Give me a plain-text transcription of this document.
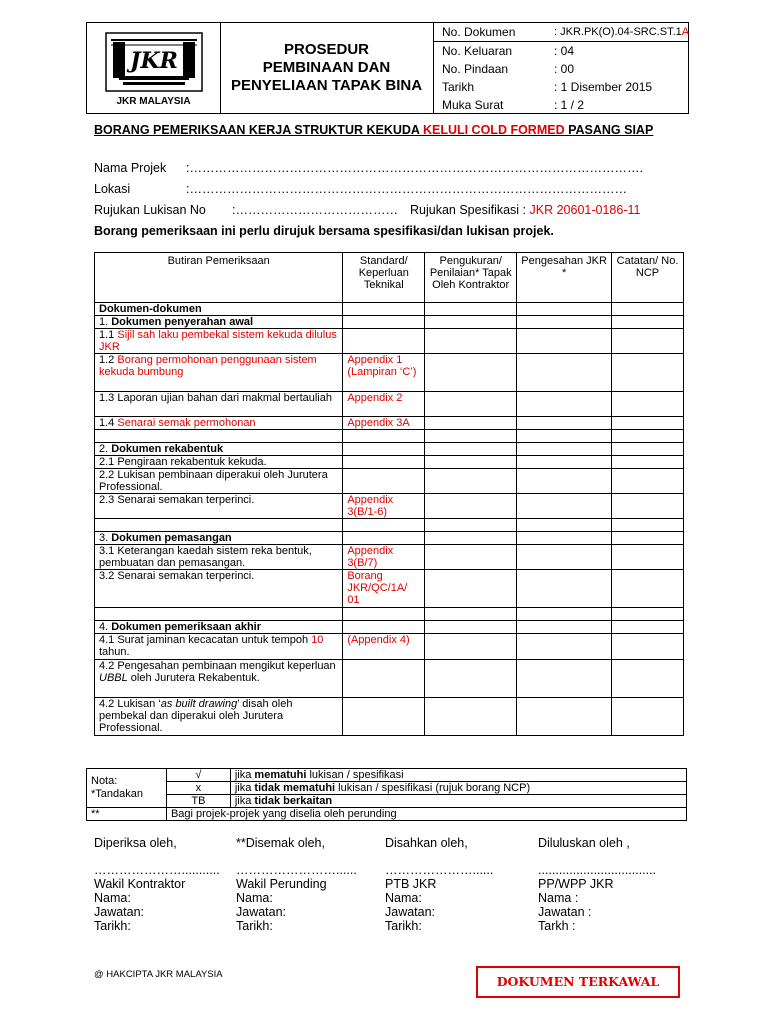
JKR
JKR MALAYSIA
PROSEDUR
PEMBINAAN DAN
PENYELIAAN TAPAK BINA
No. Dokumen	: JKR.PK(O).04-SRC.ST.1A
No. Keluaran	: 04
No. Pindaan	: 00
Tarikh	: 1 Disember 2015
Muka Surat	: 1 / 2
BORANG PEMERIKSAAN KERJA STRUKTUR KEKUDA KELULI COLD FORMED PASANG SIAP
Nama Projek :……………………………………………………………………………………………….
Lokasi	:……………………………………………………………………………………………
Rujukan Lukisan No :………………………………… Rujukan Spesifikasi : JKR 20601-0186-11
Borang pemeriksaan ini perlu dirujuk bersama spesifikasi/dan lukisan projek.
Butiran Pemeriksaan	Standard/ Keperluan Teknikal	Pengukuran/ Penilaian* Tapak Oleh Kontraktor	Pengesahan JKR *	Catatan/ No. NCP
Dokumen-dokumen				
1. Dokumen penyerahan awal				
1.1 Sijil sah laku pembekal sistem kekuda dilulus JKR				
1.2 Borang permohonan penggunaan sistem kekuda bumbung	Appendix 1 (Lampiran ‘C’)			
1.3 Laporan ujian bahan dari makmal bertauliah	Appendix 2			
1.4 Senarai semak permohonan	Appendix 3A			

2. Dokumen rekabentuk				
2.1 Pengiraan rekabentuk kekuda.				
2.2 Lukisan pembinaan diperakui oleh Jurutera Professional.				
2.3 Senarai semakan terperinci.	Appendix 3(B/1-6)			

3. Dokumen pemasangan				
3.1 Keterangan kaedah sistem reka bentuk, pembuatan dan pemasangan.	Appendix 3(B/7)			
3.2 Senarai semakan terperinci.	Borang JKR/QC/1A/ 01			

4. Dokumen pemeriksaan akhir				
4.1 Surat jaminan kecacatan untuk tempoh 10 tahun.	(Appendix 4)			
4.2 Pengesahan pembinaan mengikut keperluan UBBL oleh Jurutera Rekabentuk.				
4.2 Lukisan ‘as built drawing’ disah oleh pembekal dan diperakui oleh Jurutera Professional.				
Nota:
*Tandakan	√	jika mematuhi lukisan / spesifikasi
	x	jika tidak mematuhi lukisan / spesifikasi (rujuk borang NCP)
	TB	jika tidak berkaitan
**	Bagi projek-projek yang diselia oleh perunding	
Diperiksa oleh,
…………………...........
Wakil Kontraktor
Nama:
Jawatan:
Tarikh:
**Disemak oleh,
……………………......
Wakil Perunding
Nama:
Jawatan:
Tarikh:
Disahkan oleh,
…………………......
PTB JKR
Nama:
Jawatan:
Tarikh:
Diluluskan oleh ,
..................................
PP/WPP JKR
Nama :
Jawatan :
Tarkh :
@ HAKCIPTA JKR MALAYSIA	DOKUMEN TERKAWAL
